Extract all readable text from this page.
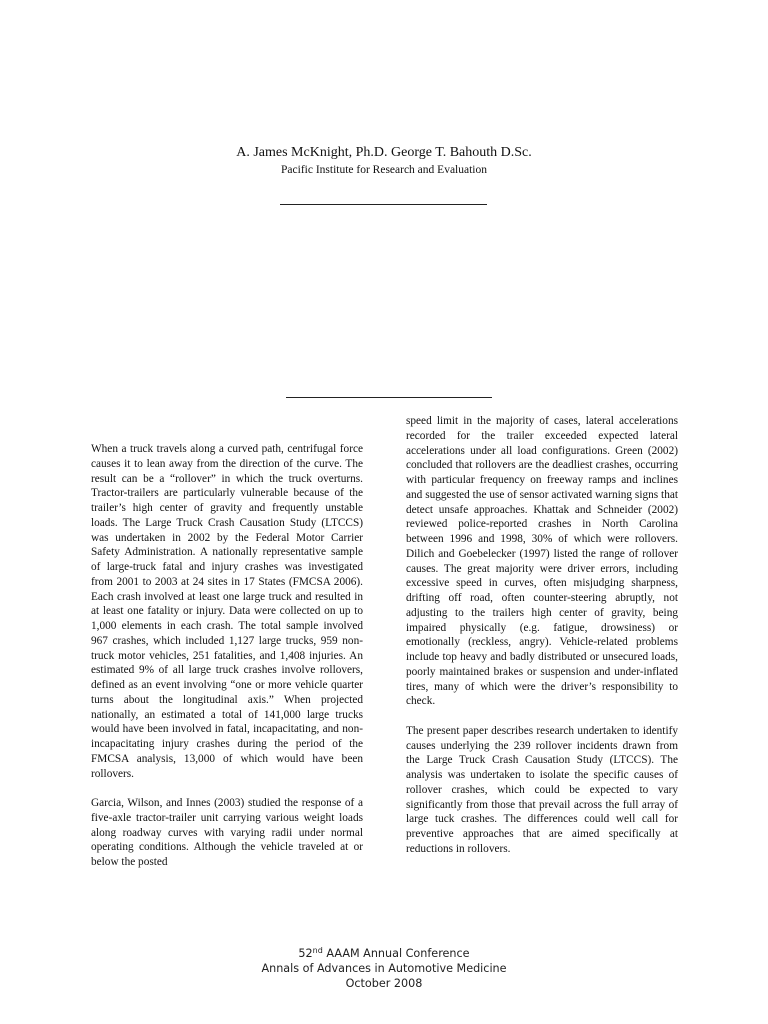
A. James McKnight, Ph.D. George T. Bahouth D.Sc.
Pacific Institute for Research and Evaluation

When a truck travels along a curved path, centrifugal force causes it to lean away from the direction of the curve. The result can be a “rollover” in which the truck overturns. Tractor-trailers are particularly vulnerable because of the trailer’s high center of gravity and frequently unstable loads. The Large Truck Crash Causation Study (LTCCS) was undertaken in 2002 by the Federal Motor Carrier Safety Administration. A nationally representative sample of large-truck fatal and injury crashes was investigated from 2001 to 2003 at 24 sites in 17 States (FMCSA 2006). Each crash involved at least one large truck and resulted in at least one fatality or injury. Data were collected on up to 1,000 elements in each crash. The total sample involved 967 crashes, which included 1,127 large trucks, 959 non-truck motor vehicles, 251 fatalities, and 1,408 injuries. An estimated 9% of all large truck crashes involve rollovers, defined as an event involving “one or more vehicle quarter turns about the longitudinal axis.” When projected nationally, an estimated a total of 141,000 large trucks would have been involved in fatal, incapacitating, and non-incapacitating injury crashes during the period of the FMCSA analysis, 13,000 of which would have been rollovers.

Garcia, Wilson, and Innes (2003) studied the response of a five-axle tractor-trailer unit carrying various weight loads along roadway curves with varying radii under normal operating conditions. Although the vehicle traveled at or below the posted

speed limit in the majority of cases, lateral accelerations recorded for the trailer exceeded expected lateral accelerations under all load configurations. Green (2002) concluded that rollovers are the deadliest crashes, occurring with particular frequency on freeway ramps and inclines and suggested the use of sensor activated warning signs that detect unsafe approaches. Khattak and Schneider (2002) reviewed police-reported crashes in North Carolina between 1996 and 1998, 30% of which were rollovers. Dilich and Goebelecker (1997) listed the range of rollover causes. The great majority were driver errors, including excessive speed in curves, often misjudging sharpness, drifting off road, often counter-steering abruptly, not adjusting to the trailers high center of gravity, being impaired physically (e.g. fatigue, drowsiness) or emotionally (reckless, angry). Vehicle-related problems include top heavy and badly distributed or unsecured loads, poorly maintained brakes or suspension and under-inflated tires, many of which were the driver’s responsibility to check.

The present paper describes research undertaken to identify causes underlying the 239 rollover incidents drawn from the Large Truck Crash Causation Study (LTCCS). The analysis was undertaken to isolate the specific causes of rollover crashes, which could be expected to vary significantly from those that prevail across the full array of large tuck crashes. The differences could well call for preventive approaches that are aimed specifically at reductions in rollovers.

52nd AAAM Annual Conference
Annals of Advances in Automotive Medicine
October 2008
